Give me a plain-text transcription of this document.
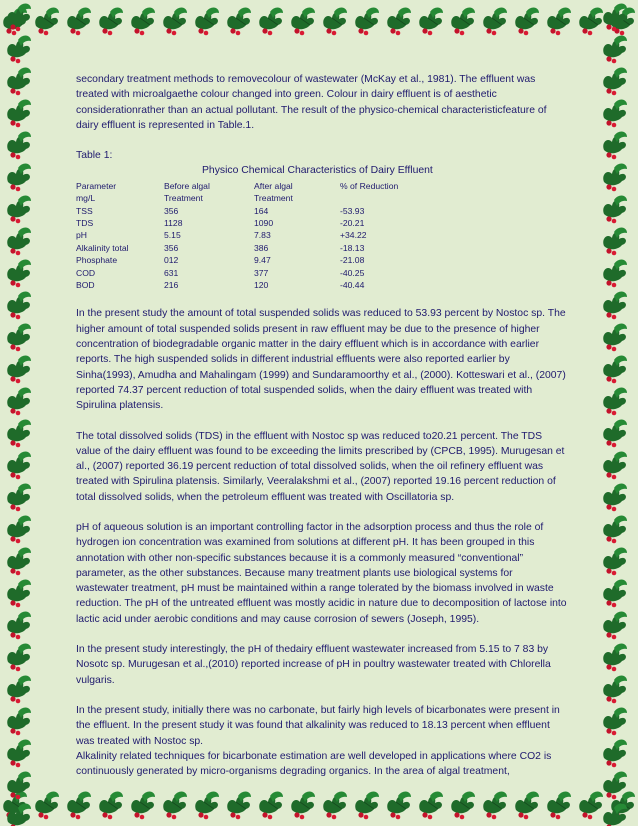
secondary treatment methods to removecolour of wastewater (McKay et al., 1981). The effluent was treated with microalgaethe colour changed into green. Colour in dairy effluent is of aesthetic considerationrather than an actual pollutant. The result of the physico-chemical characteristicfeature of dairy effluent is represented in Table.1.

Table 1:

Physico Chemical Characteristics of Dairy Effluent

Parameter	Before algal	After algal	% of Reduction
mg/L	Treatment	Treatment	
TSS	356	164	-53.93
TDS	1128	1090	-20.21
pH	5.15	7.83	+34.22
Alkalinity total	356	386	-18.13
Phosphate	012	9.47	-21.08
COD	631	377	-40.25
BOD	216	120	-40.44

In the present study the amount of total suspended solids was reduced to 53.93 percent by Nostoc sp. The higher amount of total suspended solids present in raw effluent may be due to the presence of higher concentration of biodegradable organic matter in the dairy effluent which is in accordance with earlier reports. The high suspended solids in different industrial effluents were also reported earlier by Sinha(1993), Amudha and Mahalingam (1999) and Sundaramoorthy et al., (2000). Kotteswari et al., (2007) reported 74.37 percent reduction of total suspended solids, when the dairy effluent was treated with Spirulina platensis.

The total dissolved solids (TDS) in the effluent with Nostoc sp was reduced to20.21 percent. The TDS value of the dairy effluent was found to be exceeding the limits prescribed by (CPCB, 1995). Murugesan et al., (2007) reported 36.19 percent reduction of total dissolved solids, when the oil refinery effluent was treated with Spirulina platensis. Similarly, Veeralakshmi et al., (2007) reported 19.16 percent reduction of total dissolved solids, when the petroleum effluent was treated with Oscillatoria sp.

pH of aqueous solution is an important controlling factor in the adsorption process and thus the role of hydrogen ion concentration was examined from solutions at different pH. It has been grouped in this annotation with other non-specific substances because it is a commonly measured “conventional” parameter, as the other substances. Because many treatment plants use biological systems for wastewater treatment, pH must be maintained within a range tolerated by the biomass involved in waste reduction. The pH of the untreated effluent was mostly acidic in nature due to decomposition of lactose into lactic acid under aerobic conditions and may cause corrosion of sewers (Joseph, 1995).

In the present study interestingly, the pH of thedairy effluent wastewater increased from 5.15 to 7 83 by Nosotc sp. Murugesan et al.,(2010) reported increase of pH in poultry wastewater treated with Chlorella vulgaris.

In the present study, initially there was no carbonate, but fairly high levels of bicarbonates were present in the effluent. In the present study it was found that alkalinity was reduced to 18.13 percent when effluent was treated with Nostoc sp.

Alkalinity related techniques for bicarbonate estimation are well developed in applications where CO2 is continuously generated by micro-organisms degrading organics. In the area of algal treatment,
